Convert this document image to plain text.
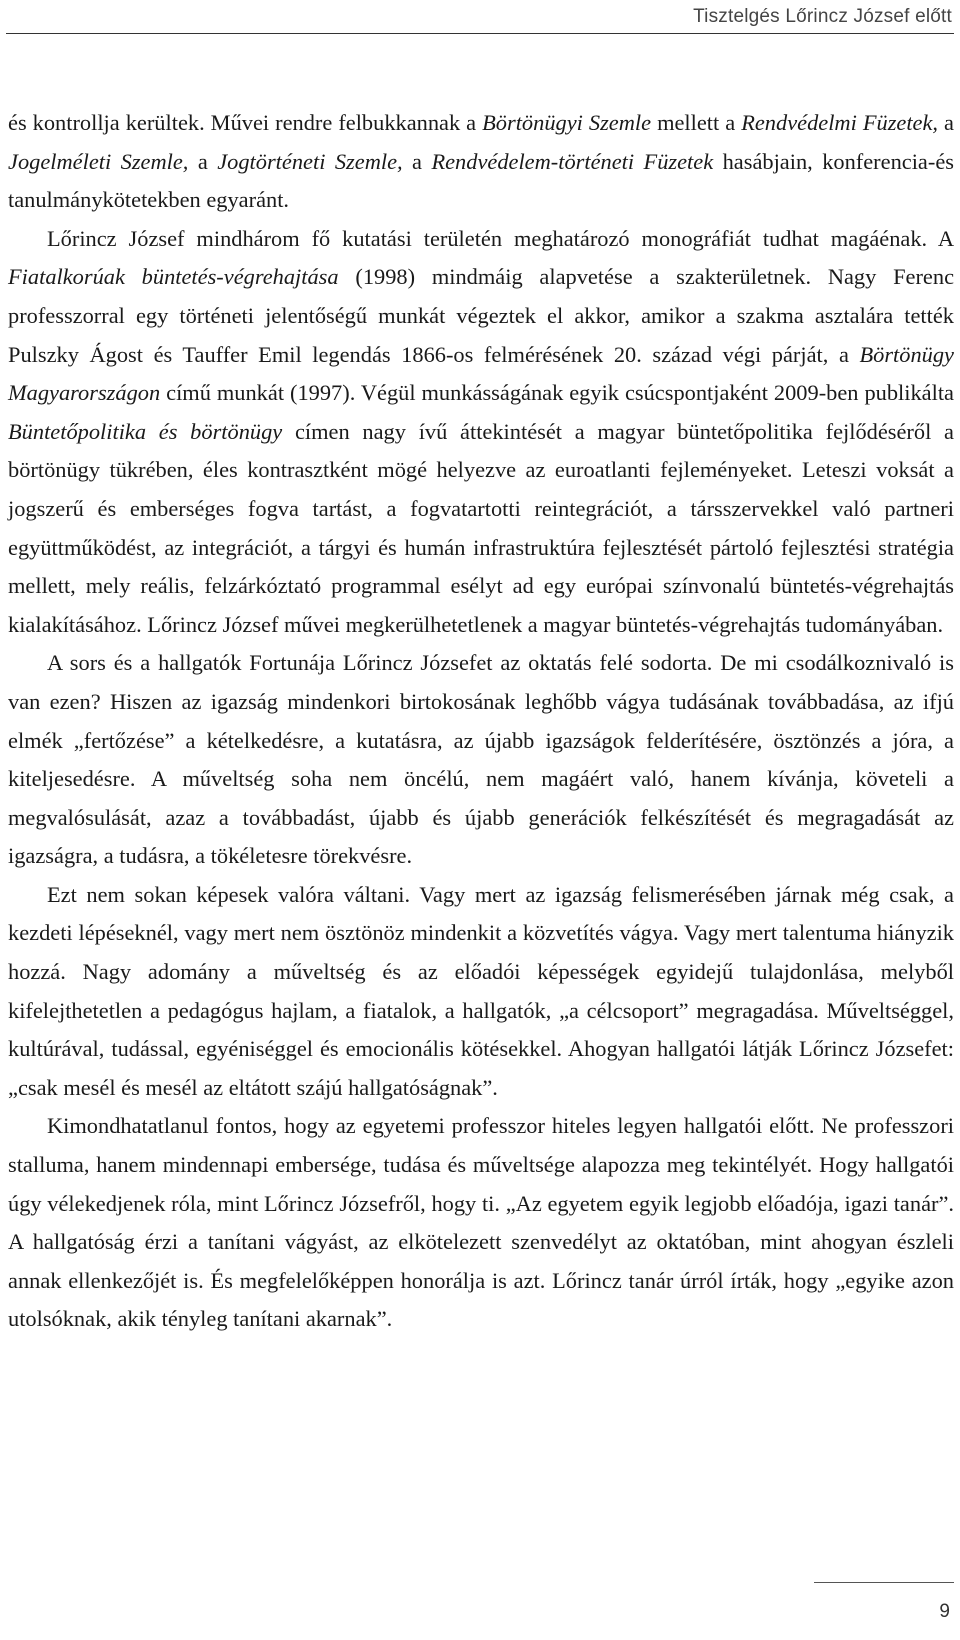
Tisztelgés Lőrincz József előtt

és kontrollja kerültek. Művei rendre felbukkannak a Börtönügyi Szemle mellett a Rendvédelmi Füzetek, a Jogelméleti Szemle, a Jogtörténeti Szemle, a Rendvédelem-történeti Füzetek hasábjain, konferencia-és tanulmánykötetekben egyaránt.

Lőrincz József mindhárom fő kutatási területén meghatározó monográfiát tudhat magáénak. A Fiatalkorúak büntetés-végrehajtása (1998) mindmáig alapvetése a szakterületnek. Nagy Ferenc professzorral egy történeti jelentőségű munkát végeztek el akkor, amikor a szakma asztalára tették Pulszky Ágost és Tauffer Emil legendás 1866-os felmérésének 20. század végi párját, a Börtönügy Magyarországon című munkát (1997). Végül munkásságának egyik csúcspontjaként 2009-ben publikálta Büntetőpolitika és börtönügy címen nagy ívű áttekintését a magyar büntetőpolitika fejlődéséről a börtönügy tükrében, éles kontrasztként mögé helyezve az euroatlanti fejleményeket. Leteszi voksát a jogszerű és emberséges fogva tartást, a fogvatartotti reintegrációt, a társszervekkel való partneri együttműködést, az integrációt, a tárgyi és humán infrastruktúra fejlesztését pártoló fejlesztési stratégia mellett, mely reális, felzárkóztató programmal esélyt ad egy európai színvonalú büntetés-végrehajtás kialakításához. Lőrincz József művei megkerülhetetlenek a magyar büntetés-végrehajtás tudományában.

A sors és a hallgatók Fortunája Lőrincz Józsefet az oktatás felé sodorta. De mi csodálkoznivaló is van ezen? Hiszen az igazság mindenkori birtokosának leghőbb vágya tudásának továbbadása, az ifjú elmék „fertőzése” a kételkedésre, a kutatásra, az újabb igazságok felderítésére, ösztönzés a jóra, a kiteljesedésre. A műveltség soha nem öncélú, nem magáért való, hanem kívánja, követeli a megvalósulását, azaz a továbbadást, újabb és újabb generációk felkészítését és megragadását az igazságra, a tudásra, a tökéletesre törekvésre.

Ezt nem sokan képesek valóra váltani. Vagy mert az igazság felismerésében járnak még csak, a kezdeti lépéseknél, vagy mert nem ösztönöz mindenkit a közvetítés vágya. Vagy mert talentuma hiányzik hozzá. Nagy adomány a műveltség és az előadói képességek egyidejű tulajdonlása, melyből kifelejthetetlen a pedagógus hajlam, a fiatalok, a hallgatók, „a célcsoport” megragadása. Műveltséggel, kultúrával, tudással, egyéniséggel és emocionális kötésekkel. Ahogyan hallgatói látják Lőrincz Józsefet: „csak mesél és mesél az eltátott szájú hallgatóságnak”.

Kimondhatatlanul fontos, hogy az egyetemi professzor hiteles legyen hallgatói előtt. Ne professzori stalluma, hanem mindennapi embersége, tudása és műveltsége alapozza meg tekintélyét. Hogy hallgatói úgy vélekedjenek róla, mint Lőrincz Józsefről, hogy ti. „Az egyetem egyik legjobb előadója, igazi tanár”. A hallgatóság érzi a tanítani vágyást, az elkötelezett szenvedélyt az oktatóban, mint ahogyan észleli annak ellenkezőjét is. És megfelelőképpen honorálja is azt. Lőrincz tanár úrról írták, hogy „egyike azon utolsóknak, akik tényleg tanítani akarnak”.

9
